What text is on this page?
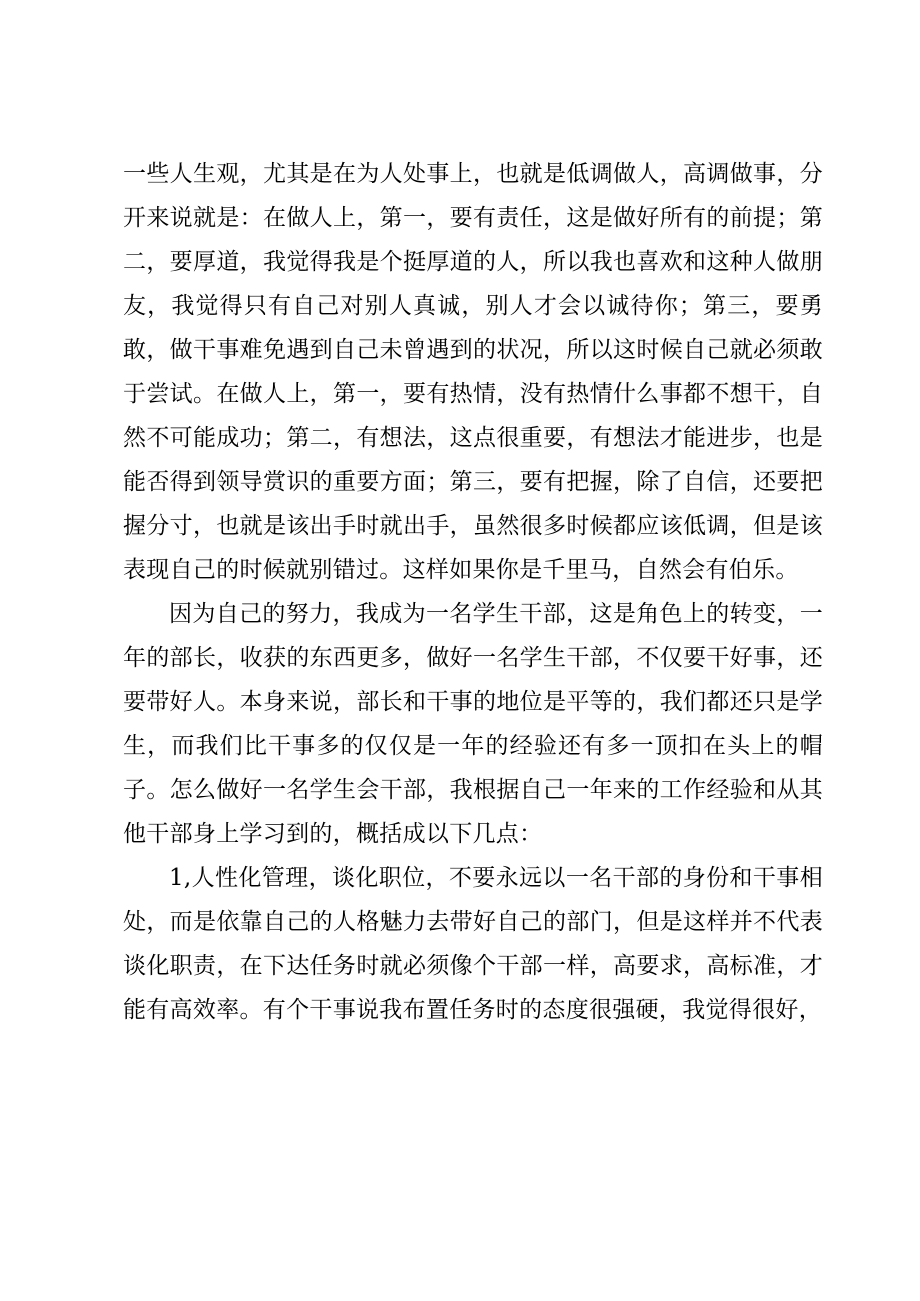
一些人生观，尤其是在为人处事上，也就是低调做人，高调做事，分开来说就是：在做人上，第一，要有责任，这是做好所有的前提；第二，要厚道，我觉得我是个挺厚道的人，所以我也喜欢和这种人做朋友，我觉得只有自己对别人真诚，别人才会以诚待你；第三，要勇敢，做干事难免遇到自己未曾遇到的状况，所以这时候自己就必须敢于尝试。在做人上，第一，要有热情，没有热情什么事都不想干，自然不可能成功；第二，有想法，这点很重要，有想法才能进步，也是能否得到领导赏识的重要方面；第三，要有把握，除了自信，还要把握分寸，也就是该出手时就出手，虽然很多时候都应该低调，但是该表现自己的时候就别错过。这样如果你是千里马，自然会有伯乐。

因为自己的努力，我成为一名学生干部，这是角色上的转变，一年的部长，收获的东西更多，做好一名学生干部，不仅要干好事，还要带好人。本身来说，部长和干事的地位是平等的，我们都还只是学生，而我们比干事多的仅仅是一年的经验还有多一顶扣在头上的帽子。怎么做好一名学生会干部，我根据自己一年来的工作经验和从其他干部身上学习到的，概括成以下几点：

1,人性化管理，谈化职位，不要永远以一名干部的身份和干事相处，而是依靠自己的人格魅力去带好自己的部门，但是这样并不代表谈化职责，在下达任务时就必须像个干部一样，高要求，高标准，才能有高效率。有个干事说我布置任务时的态度很强硬，我觉得很好，
